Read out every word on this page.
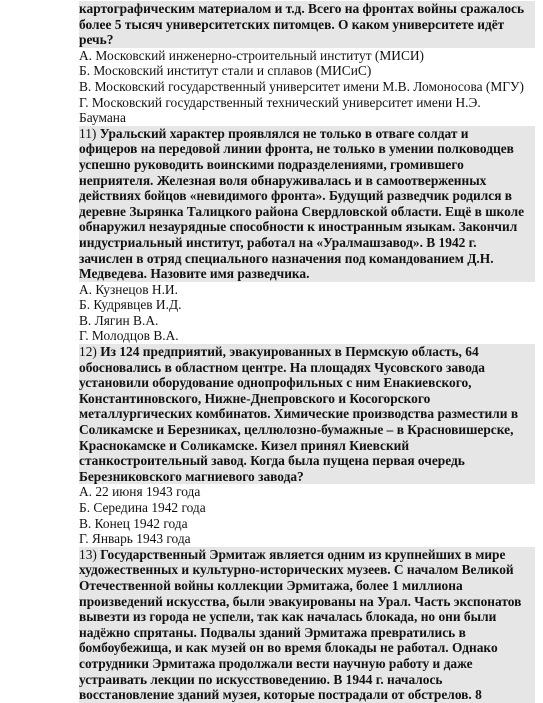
картографическим материалом и т.д. Всего на фронтах войны сражалось
более 5 тысяч университетских питомцев. О каком университете идёт
речь?
А. Московский инженерно-строительный институт (МИСИ)
Б. Московский институт стали и сплавов (МИСиС)
В. Московский государственный университет имени М.В. Ломоносова (МГУ)
Г. Московский государственный технический университет имени Н.Э.
Баумана
11) Уральский характер проявлялся не только в отваге солдат и
офицеров на передовой линии фронта, не только в умении полководцев
успешно руководить воинскими подразделениями, громившего
неприятеля. Железная воля обнаруживалась и в самоотверженных
действиях бойцов «невидимого фронта». Будущий разведчик родился в
деревне Зырянка Талицкого района Свердловской области. Ещё в школе
обнаружил незаурядные способности к иностранным языкам. Закончил
индустриальный институт, работал на «Уралмашзавод». В 1942 г.
зачислен в отряд специального назначения под командованием Д.Н.
Медведева. Назовите имя разведчика.
А. Кузнецов Н.И.
Б. Кудрявцев И.Д.
В. Лягин В.А.
Г. Молодцов В.А.
12) Из 124 предприятий, эвакуированных в Пермскую область, 64
обосновались в областном центре. На площадях Чусовского завода
установили оборудование однопрофильных с ним Енакиевского,
Константиновского, Нижне-Днепровского и Косогорского
металлургических комбинатов. Химические производства разместили в
Соликамске и Березниках, целлюлозно-бумажные – в Красновишерске,
Краснокамске и Соликамске. Кизел принял Киевский
станкостроительный завод. Когда была пущена первая очередь
Березниковского магниевого завода?
А. 22 июня 1943 года
Б. Середина 1942 года
В. Конец 1942 года
Г. Январь 1943 года
13) Государственный Эрмитаж является одним из крупнейших в мире
художественных и культурно-исторических музеев. С началом Великой
Отечественной войны коллекции Эрмитажа, более 1 миллиона
произведений искусства, были эвакуированы на Урал. Часть экспонатов
вывезти из города не успели, так как началась блокада, но они были
надёжно спрятаны. Подвалы зданий Эрмитажа превратились в
бомбоубежища, и как музей он во время блокады не работал. Однако
сотрудники Эрмитажа продолжали вести научную работу и даже
устраивать лекции по искусствоведению. В 1944 г. началось
восстановление зданий музея, которые пострадали от обстрелов. 8
